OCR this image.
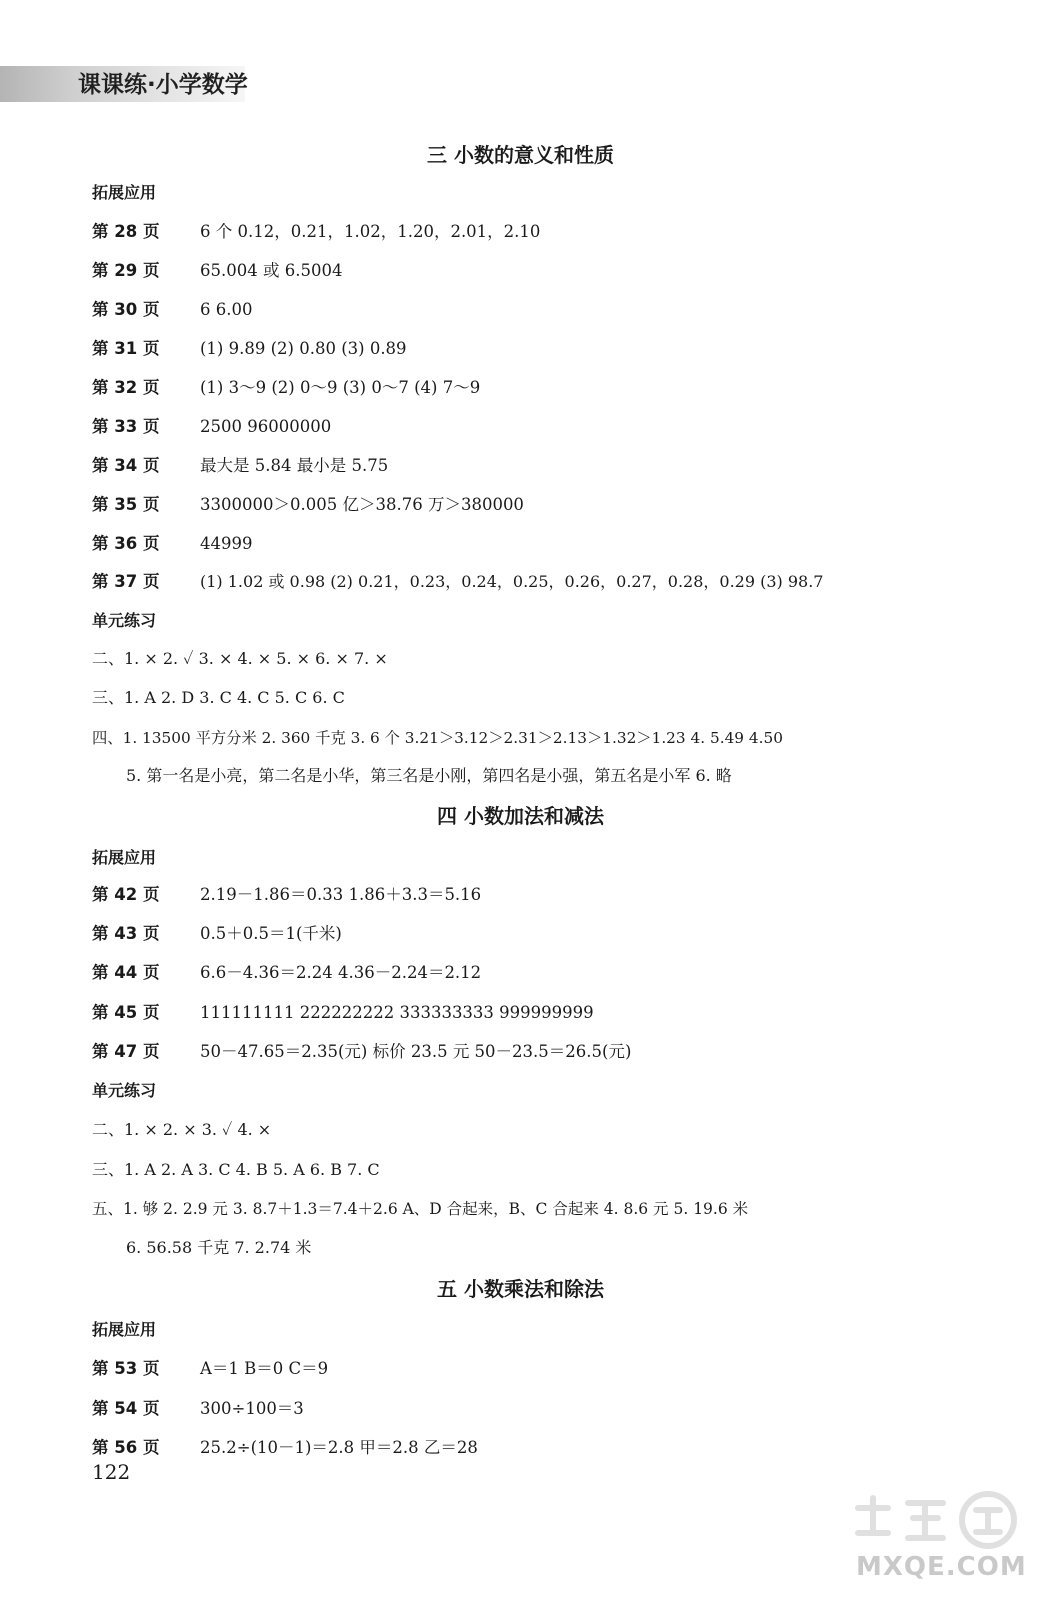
课课练·小学数学
三 小数的意义和性质
拓展应用
第 28 页 6 个 0.12，0.21，1.02，1.20，2.01，2.10
第 29 页 65.004 或 6.5004
第 30 页 6 6.00
第 31 页 (1) 9.89 (2) 0.80 (3) 0.89
第 32 页 (1) 3～9 (2) 0～9 (3) 0～7 (4) 7～9
第 33 页 2500 96000000
第 34 页 最大是 5.84 最小是 5.75
第 35 页 3300000＞0.005 亿＞38.76 万＞380000
第 36 页 44999
第 37 页	(1) 1.02 或 0.98 (2) 0.21，0.23，0.24，0.25，0.26，0.27，0.28，0.29 (3) 98.7
单元练习
二、1. × 2. ✓ 3. × 4. × 5. × 6. × 7. ×
三、1. A 2. D 3. C 4. C 5. C 6. C
四、1. 13500 平方分米 2. 360 千克 3. 6 个 3.21＞3.12＞2.31＞2.13＞1.32＞1.23 4. 5.49 4.50
5. 第一名是小亮，第二名是小华，第三名是小刚，第四名是小强，第五名是小军 6. 略
四 小数加法和减法
拓展应用
第 42 页 2.19－1.86＝0.33 1.86＋3.3＝5.16
第 43 页 0.5＋0.5＝1(千米)
第 44 页 6.6－4.36＝2.24 4.36－2.24＝2.12
第 45 页 111111111 222222222 333333333 999999999
第 47 页 50－47.65＝2.35(元) 标价 23.5 元 50－23.5＝26.5(元)
单元练习
二、1. × 2. × 3. ✓ 4. ×
三、1. A 2. A 3. C 4. B 5. A 6. B 7. C
五、1. 够 2. 2.9 元 3. 8.7＋1.3＝7.4＋2.6 A、D 合起来，B、C 合起来 4. 8.6 元 5. 19.6 米
6. 56.58 千克 7. 2.74 米
五 小数乘法和除法
拓展应用
第 53 页 A＝1 B＝0 C＝9
第 54 页 300÷100＝3
第 56 页 25.2÷(10－1)＝2.8 甲＝2.8 乙＝28
122
MXQE.COM
